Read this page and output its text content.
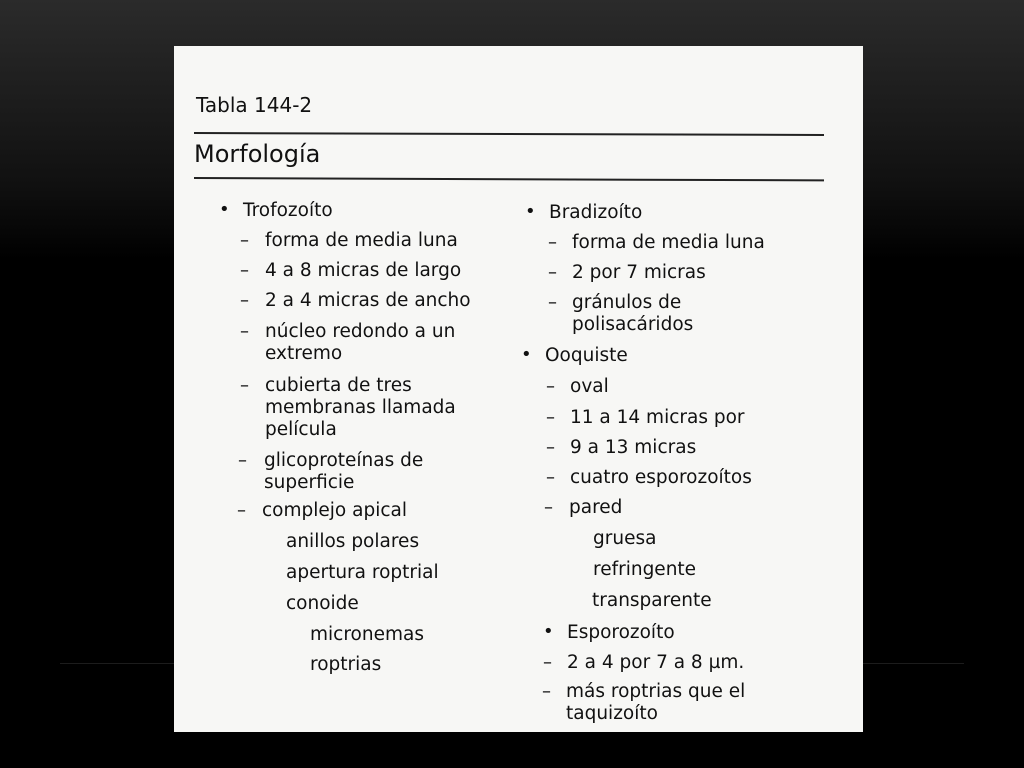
Tabla 144-2
Morfología
• Trofozoíto
– forma de media luna
– 4 a 8 micras de largo
– 2 a 4 micras de ancho
– núcleo redondo a un
extremo
– cubierta de tres
membranas llamada
película
– glicoproteínas de
superficie
– complejo apical
anillos polares
apertura roptrial
conoide
micronemas
roptrias
• Bradizoíto
– forma de media luna
– 2 por 7 micras
– gránulos de
polisacáridos
• Ooquiste
– oval
– 11 a 14 micras por
– 9 a 13 micras
– cuatro esporozoítos
– pared
gruesa
refringente
transparente
• Esporozoíto
– 2 a 4 por 7 a 8 µm.
– más roptrias que el
taquizoíto
